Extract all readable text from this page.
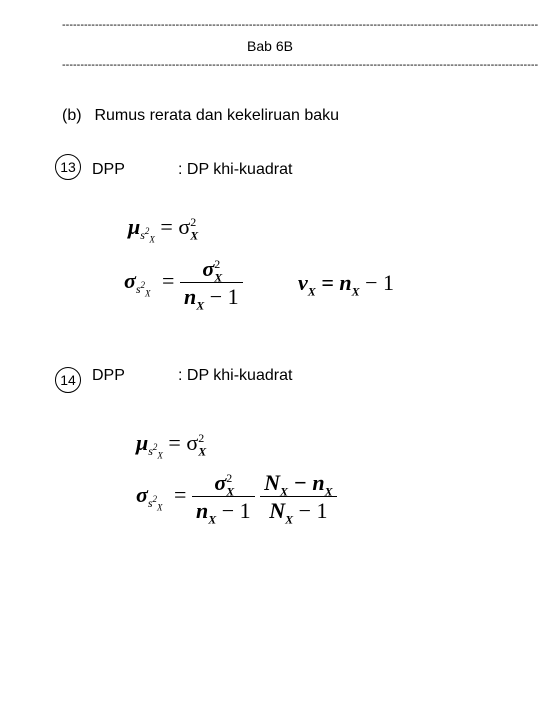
----------------------------------------------------------------------------------------------------------------------------------
Bab 6B
----------------------------------------------------------------------------------------------------------------------------------
(b) Rumus rerata dan kekeliruan baku
13	DPP	: DP khi-kuadrat
$\mu_{s^2_X} = \sigma_X^2$
$\sigma_{s^2_X} = \frac{\sigma_X^2}{n_X - 1}$	$\nu_X = n_X - 1$
14	DPP	: DP khi-kuadrat
$\mu_{s^2_X} = \sigma_X^2$
$\sigma_{s^2_X} = \frac{\sigma_X^2}{n_X - 1}$
$\frac{N_X - n_X}{N_X - 1}$
